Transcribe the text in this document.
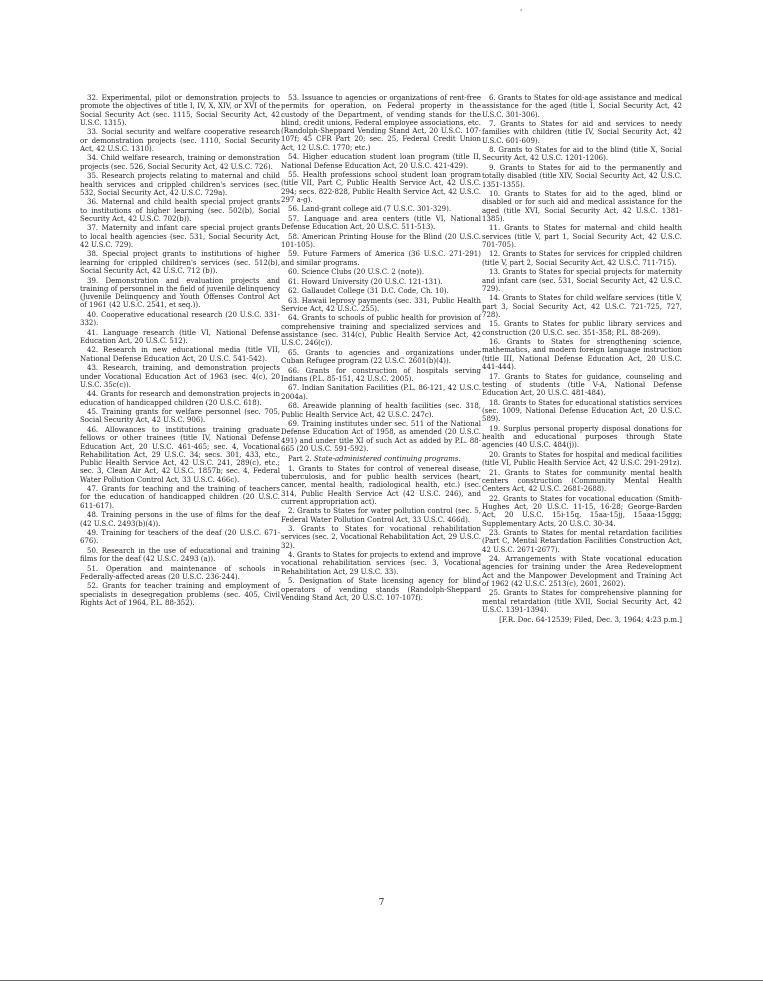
'

32. Experimental, pilot or demonstration projects to promote the objectives of title I, IV, X, XIV, or XVI of the Social Security Act (sec. 1115, Social Security Act, 42 U.S.C. 1315).

33. Social security and welfare cooperative research or demonstration projects (sec. 1110, Social Security Act, 42 U.S.C. 1310).

34. Child welfare research, training or demonstration projects (sec. 526, Social Security Act, 42 U.S.C. 726).

35. Research projects relating to maternal and child health services and crippled children's services (sec. 532, Social Security Act, 42 U.S.C. 729a).

36. Maternal and child health special project grants to institutions of higher learning (sec. 502(b), Social Security Act, 42 U.S.C. 702(b)).

37. Maternity and infant care special project grants to local health agencies (sec. 531, Social Security Act, 42 U.S.C. 729).

38. Special project grants to institutions of higher learning for crippled children's services (sec. 512(b), Social Security Act, 42 U.S.C. 712 (b)).

39. Demonstration and evaluation projects and training of personnel in the field of juvenile delinquency (Juvenile Delinquency and Youth Offenses Control Act of 1961 (42 U.S.C. 2541, et seq.)).

40. Cooperative educational research (20 U.S.C. 331-332).

41. Language research (title VI, National Defense Education Act, 20 U.S.C. 512).

42. Research in new educational media (title VII, National Defense Education Act, 20 U.S.C. 541-542).

43. Research, training, and demonstration projects under Vocational Education Act of 1963 (sec. 4(c), 20 U.S.C. 35c(c)).

44. Grants for research and demonstration projects in education of handicapped children (20 U.S.C. 618).

45. Training grants for welfare personnel (sec. 705, Social Security Act, 42 U.S.C. 906).

46. Allowances to institutions training graduate fellows or other trainees (title IV, National Defense Education Act, 20 U.S.C. 461-465; sec. 4, Vocational Rehabilitation Act, 29 U.S.C. 34; secs. 301, 433, etc., Public Health Service Act, 42 U.S.C. 241, 289(c), etc.; sec. 3, Clean Air Act, 42 U.S.C. 1857b; sec. 4, Federal Water Pollution Control Act, 33 U.S.C. 466c).

47. Grants for teaching and the training of teachers for the education of handicapped children (20 U.S.C. 611-617).

48. Training persons in the use of films for the deaf (42 U.S.C. 2493(b)(4)).

49. Training for teachers of the deaf (20 U.S.C. 671-676).

50. Research in the use of educational and training films for the deaf (42 U.S.C. 2493 (a)).

51. Operation and maintenance of schools in Federally-affected areas (20 U.S.C. 236-244).

52. Grants for teacher training and employment of specialists in desegregation problems (sec. 405, Civil Rights Act of 1964, P.L. 88-352).

53. Issuance to agencies or organizations of rent-free permits for operation, on Federal property in the custody of the Department, of vending stands for the blind, credit unions, Federal employee associations, etc. (Randolph-Sheppard Vending Stand Act, 20 U.S.C. 107-107f; 45 CFR Part 20; sec. 25, Federal Credit Union Act, 12 U.S.C. 1770; etc.)

54. Higher education student loan program (title II, National Defense Education Act, 20 U.S.C. 421-429).

55. Health professions school student loan program (title VII, Part C, Public Health Service Act, 42 U.S.C. 294; secs. 822-828, Public Health Service Act, 42 U.S.C. 297 a-g).

56. Land-grant college aid (7 U.S.C. 301-329).

57. Language and area centers (title VI, National Defense Education Act, 20 U.S.C. 511-513).

58. American Printing House for the Blind (20 U.S.C. 101-105).

59. Future Farmers of America (36 U.S.C. 271-291) and similar programs.

60. Science Clubs (20 U.S.C. 2 (note)).

61. Howard University (20 U.S.C. 121-131).

62. Gallaudet College (31 D.C. Code, Ch. 10).

63. Hawaii leprosy payments (sec. 331, Public Health Service Act, 42 U.S.C. 255).

64. Grants to schools of public health for provision of comprehensive training and specialized services and assistance (sec. 314(c), Public Health Service Act, 42 U.S.C. 246(c)).

65. Grants to agencies and organizations under Cuban Refugee program (22 U.S.C. 2601(b)(4)).

66. Grants for construction of hospitals serving Indians (P.L. 85-151, 42 U.S.C. 2005).

67. Indian Sanitation Facilities (P.L. 86-121, 42 U.S.C. 2004a).

68. Areawide planning of health facilities (sec. 318, Public Health Service Act, 42 U.S.C. 247c).

69. Training institutes under sec. 511 of the National Defense Education Act of 1958, as amended (20 U.S.C. 491) and under title XI of such Act as added by P.L. 88-665 (20 U.S.C. 591-592).

Part 2. State-administered continuing programs.

1. Grants to States for control of venereal disease, tuberculosis, and for public health services (heart, cancer, mental health, radiological health, etc.) (sec. 314, Public Health Service Act (42 U.S.C. 246), and current appropriation act).

2. Grants to States for water pollution control (sec. 5, Federal Water Pollution Control Act, 33 U.S.C. 466d).

3. Grants to States for vocational rehabilitation services (sec. 2, Vocational Rehabilitation Act, 29 U.S.C. 32).

4. Grants to States for projects to extend and improve vocational rehabilitation services (sec. 3, Vocational Rehabilitation Act, 29 U.S.C. 33).

5. Designation of State licensing agency for blind operators of vending stands (Randolph-Sheppard Vending Stand Act, 20 U.S.C. 107-107f).

6. Grants to States for old-age assistance and medical assistance for the aged (title I, Social Security Act, 42 U.S.C. 301-306).

7. Grants to States for aid and services to needy families with children (title IV, Social Security Act, 42 U.S.C. 601-609).

8. Grants to States for aid to the blind (title X, Social Security Act, 42 U.S.C. 1201-1206).

9. Grants to States for aid to the permanently and totally disabled (title XIV, Social Security Act, 42 U.S.C. 1351-1355).

10. Grants to States for aid to the aged, blind or disabled or for such aid and medical assistance for the aged (title XVI, Social Security Act, 42 U.S.C. 1381-1385).

11. Grants to States for maternal and child health services (title V, part 1, Social Security Act, 42 U.S.C. 701-705).

12. Grants to States for services for crippled children (title V, part 2, Social Security Act, 42 U.S.C. 711-715).

13. Grants to States for special projects for maternity and infant care (sec. 531, Social Security Act, 42 U.S.C. 729).

14. Grants to States for child welfare services (title V, part 3, Social Security Act, 42 U.S.C. 721-725, 727, 728).

15. Grants to States for public library services and construction (20 U.S.C. sec. 351-358; P.L. 88-269).

16. Grants to States for strengthening science, mathematics, and modern foreign language instruction (title III, National Defense Education Act, 20 U.S.C. 441-444).

17. Grants to States for guidance, counseling and testing of students (title V-A, National Defense Education Act, 20 U.S.C. 481-484).

18. Grants to States for educational statistics services (sec. 1009, National Defense Education Act, 20 U.S.C. 589).

19. Surplus personal property disposal donations for health and educational purposes through State agencies (40 U.S.C. 484(j)).

20. Grants to States for hospital and medical facilities (title VI, Public Health Service Act, 42 U.S.C. 291-291z).

21. Grants to States for community mental health centers construction (Community Mental Health Centers Act, 42 U.S.C. 2681-2688).

22. Grants to States for vocational education (Smith-Hughes Act, 20 U.S.C. 11-15, 16-28; George-Barden Act, 20 U.S.C. 15i-15q, 15aa-15jj, 15aaa-15ggg; Supplementary Acts, 20 U.S.C. 30-34.

23. Grants to States for mental retardation facilities (Part C, Mental Retardation Facilities Construction Act, 42 U.S.C. 2671-2677).

24. Arrangements with State vocational education agencies for training under the Area Redevelopment Act and the Manpower Development and Training Act of 1962 (42 U.S.C. 2513(c), 2601, 2602).

25. Grants to States for comprehensive planning for mental retardation (title XVII, Social Security Act, 42 U.S.C. 1391-1394).

[F.R. Doc. 64-12539; Filed, Dec. 3, 1964; 4:23 p.m.]

7
